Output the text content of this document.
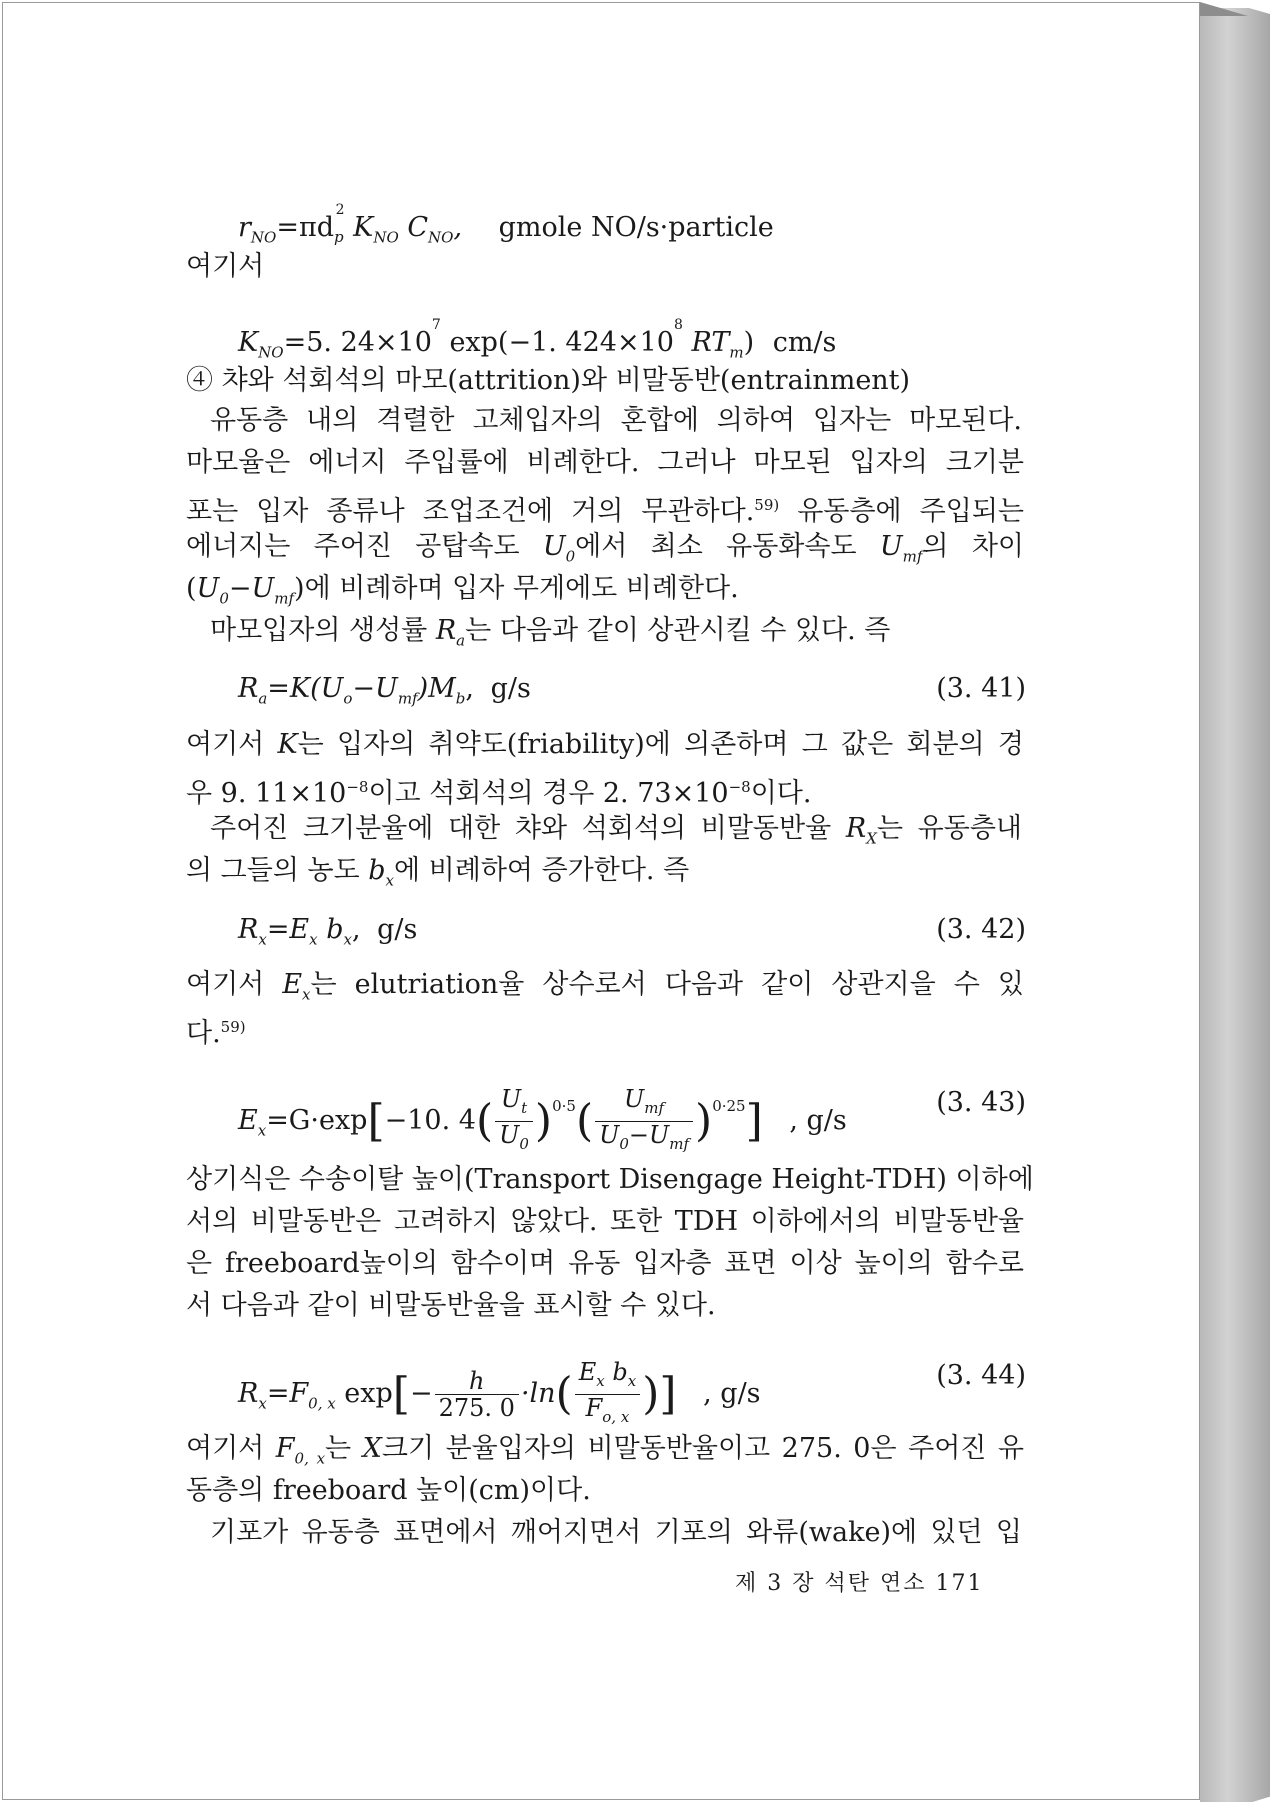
$r_{NO}=\pi d_p^2$ $K_{NO}$ $C_{NO}$, gmole NO/s·particle
여기서
$K_{NO}=5$. $24\times 10^7$ exp(−1. $424\times 10^8$ $RT_m$) cm/s
④ 챠와 석회석의 마모(attrition)와 비말동반(entrainment)
유동층 내의 격렬한 고체입자의 혼합에 의하여 입자는 마모된다.
마모율은 에너지 주입률에 비례한다. 그러나 마모된 입자의 크기분
포는 입자 종류나 조업조건에 거의 무관하다.$^{59)}$ 유동층에 주입되는
에너지는 주어진 공탑속도 $U_0$에서 최소 유동화속도 $U_{mf}$의 차이
$(U_0-U_{mf})$에 비례하며 입자 무게에도 비례한다.
마모입자의 생성률 $R_a$는 다음과 같이 상관시킬 수 있다. 즉
$R_a=K(U_o-U_{mf})M_b$, g/s	(3. 41)
여기서 K는 입자의 취약도(friability)에 의존하며 그 값은 회분의 경
우 9. $11\times 10^{-8}$이고 석회석의 경우 2. $73\times 10^{-8}$이다.
주어진 크기분율에 대한 챠와 석회석의 비말동반율 $R_X$는 유동층내
의 그들의 농도 $b_x$에 비례하여 증가한다. 즉
$R_x=E_x$ $b_x$, g/s	(3. 42)
여기서 $E_x$는 elutriation율 상수로서 다음과 같이 상관지을 수 있
다.$^{59)}$
$E_x=G\cdot\exp[-10$. $4( \frac{U_t}{U_0} )^{0\cdot 5}( \frac{U_{mf}}{U_0-U_{mf}} )^{0\cdot 25}$] , g/s
(3. 43)
상기식은 수송이탈 높이(Transport Disengage Height-TDH) 이하에
서의 비말동반은 고려하지 않았다. 또한 TDH 이하에서의 비말동반율
은 freeboard높이의 함수이며 유동 입자층 표면 이상 높이의 함수로
서 다음과 같이 비말동반율을 표시할 수 있다.
$R_x=F_{0, x}$ $\exp[- \frac{h}{275. 0} \cdot\ln( \frac{E_x b_x}{F_{o, x}}$ )] , g/s
(3. 44)
여기서 $F_{0, x}$는 X크기 분율입자의 비말동반율이고 275. 0은 주어진 유
동층의 freeboard 높이(cm)이다.
기포가 유동층 표면에서 깨어지면서 기포의 와류(wake)에 있던 입
제 3 장 석탄 연소 171
